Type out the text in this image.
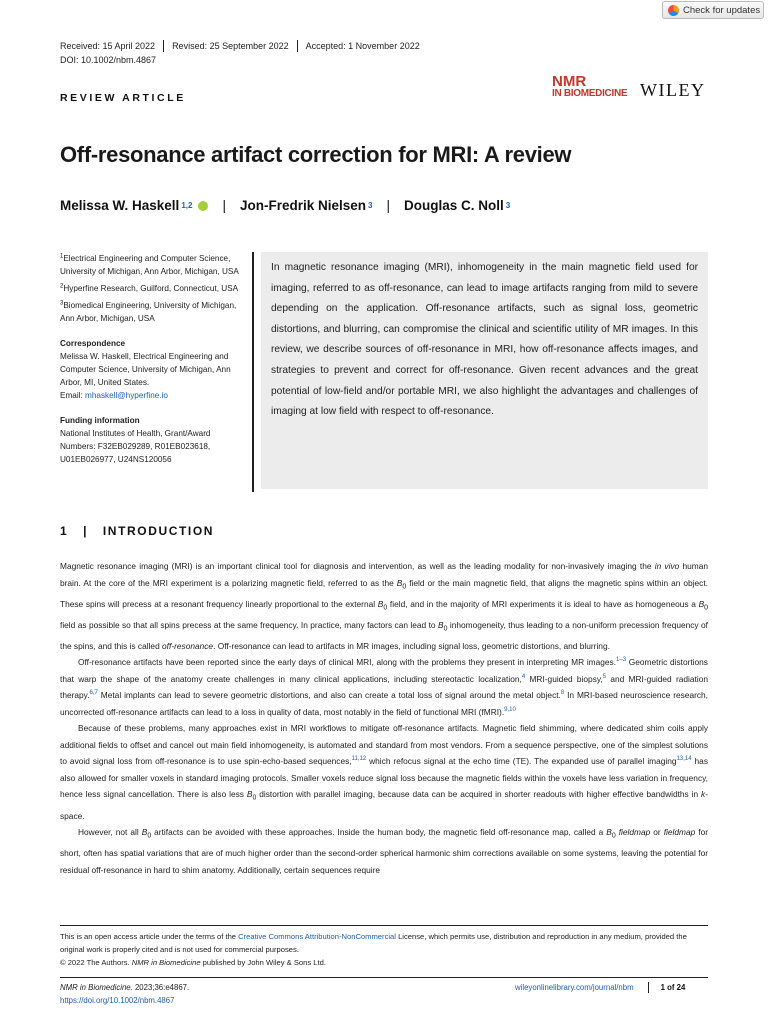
Check for updates
Received: 15 April 2022	Revised: 25 September 2022	Accepted: 1 November 2022
DOI: 10.1002/nbm.4867
REVIEW ARTICLE
NMR
IN BIOMEDICINE WILEY
Off-resonance artifact correction for MRI: A review
Melissa W. Haskell 1,2	|	Jon-Fredrik Nielsen 3	|	Douglas C. Noll 3

$^1$Electrical Engineering and Computer Science, University of Michigan, Ann Arbor, Michigan, USA

$^2$Hyperfine Research, Guilford, Connecticut, USA

$^3$Biomedical Engineering, University of Michigan, Ann Arbor, Michigan, USA

Correspondence

Melissa W. Haskell, Electrical Engineering and Computer Science, University of Michigan, Ann Arbor, MI, United States.
Email: mhaskell@hyperfine.io

Funding information

National Institutes of Health, Grant/Award Numbers: F32EB029289, R01EB023618, U01EB026977, U24NS120056

In magnetic resonance imaging (MRI), inhomogeneity in the main magnetic field used for imaging, referred to as off-resonance, can lead to image artifacts ranging from mild to severe depending on the application. Off-resonance artifacts, such as signal loss, geometric distortions, and blurring, can compromise the clinical and scientific utility of MR images. In this review, we describe sources of off-resonance in MRI, how off-resonance affects images, and strategies to prevent and correct for off-resonance. Given recent advances and the great potential of low-field and/or portable MRI, we also highlight the advantages and challenges of imaging at low field with respect to off-resonance.

1 | INTRODUCTION

Magnetic resonance imaging (MRI) is an important clinical tool for diagnosis and intervention, as well as the leading modality for non-invasively imaging the in vivo human brain. At the core of the MRI experiment is a polarizing magnetic field, referred to as the $B_0$ field or the main magnetic field, that aligns the magnetic spins within an object. These spins will precess at a resonant frequency linearly proportional to the external $B_0$ field, and in the majority of MRI experiments it is ideal to have as homogeneous a $B_0$ field as possible so that all spins precess at the same frequency. In practice, many factors can lead to $B_0$ inhomogeneity, thus leading to a non-uniform precession frequency of the spins, and this is called off-resonance. Off-resonance can lead to artifacts in MR images, including signal loss, geometric distortions, and blurring.

Off-resonance artifacts have been reported since the early days of clinical MRI, along with the problems they present in interpreting MR images.$^{1-3}$ Geometric distortions that warp the shape of the anatomy create challenges in many clinical applications, including stereotactic localization,$^4$ MRI-guided biopsy,$^5$ and MRI-guided radiation therapy.$^{6,7}$ Metal implants can lead to severe geometric distortions, and also can create a total loss of signal around the metal object.$^8$ In MRI-based neuroscience research, uncorrected off-resonance artifacts can lead to a loss in quality of data, most notably in the field of functional MRI (fMRI).$^{9,10}$

Because of these problems, many approaches exist in MRI workflows to mitigate off-resonance artifacts. Magnetic field shimming, where dedicated shim coils apply additional fields to offset and cancel out main field inhomogeneity, is automated and standard from most vendors. From a sequence perspective, one of the simplest solutions to avoid signal loss from off-resonance is to use spin-echo-based sequences,$^{11,12}$ which refocus signal at the echo time (TE). The expanded use of parallel imaging$^{13,14}$ has also allowed for smaller voxels in standard imaging protocols. Smaller voxels reduce signal loss because the magnetic fields within the voxels have less variation in frequency, hence less signal cancellation. There is also less $B_0$ distortion with parallel imaging, because data can be acquired in shorter readouts with higher effective bandwidths in k-space.

However, not all $B_0$ artifacts can be avoided with these approaches. Inside the human body, the magnetic field off-resonance map, called a $B_0$ fieldmap or fieldmap for short, often has spatial variations that are of much higher order than the second-order spherical harmonic shim corrections available on some systems, leaving the potential for residual off-resonance in hard to shim anatomy. Additionally, certain sequences require

This is an open access article under the terms of the Creative Commons Attribution-NonCommercial License, which permits use, distribution and reproduction in any medium, provided the original work is properly cited and is not used for commercial purposes.
© 2022 The Authors. NMR in Biomedicine published by John Wiley & Sons Ltd.
NMR in Biomedicine. 2023;36:e4867.
https://doi.org/10.1002/nbm.4867
wileyonlinelibrary.com/journal/nbm	1 of 24
